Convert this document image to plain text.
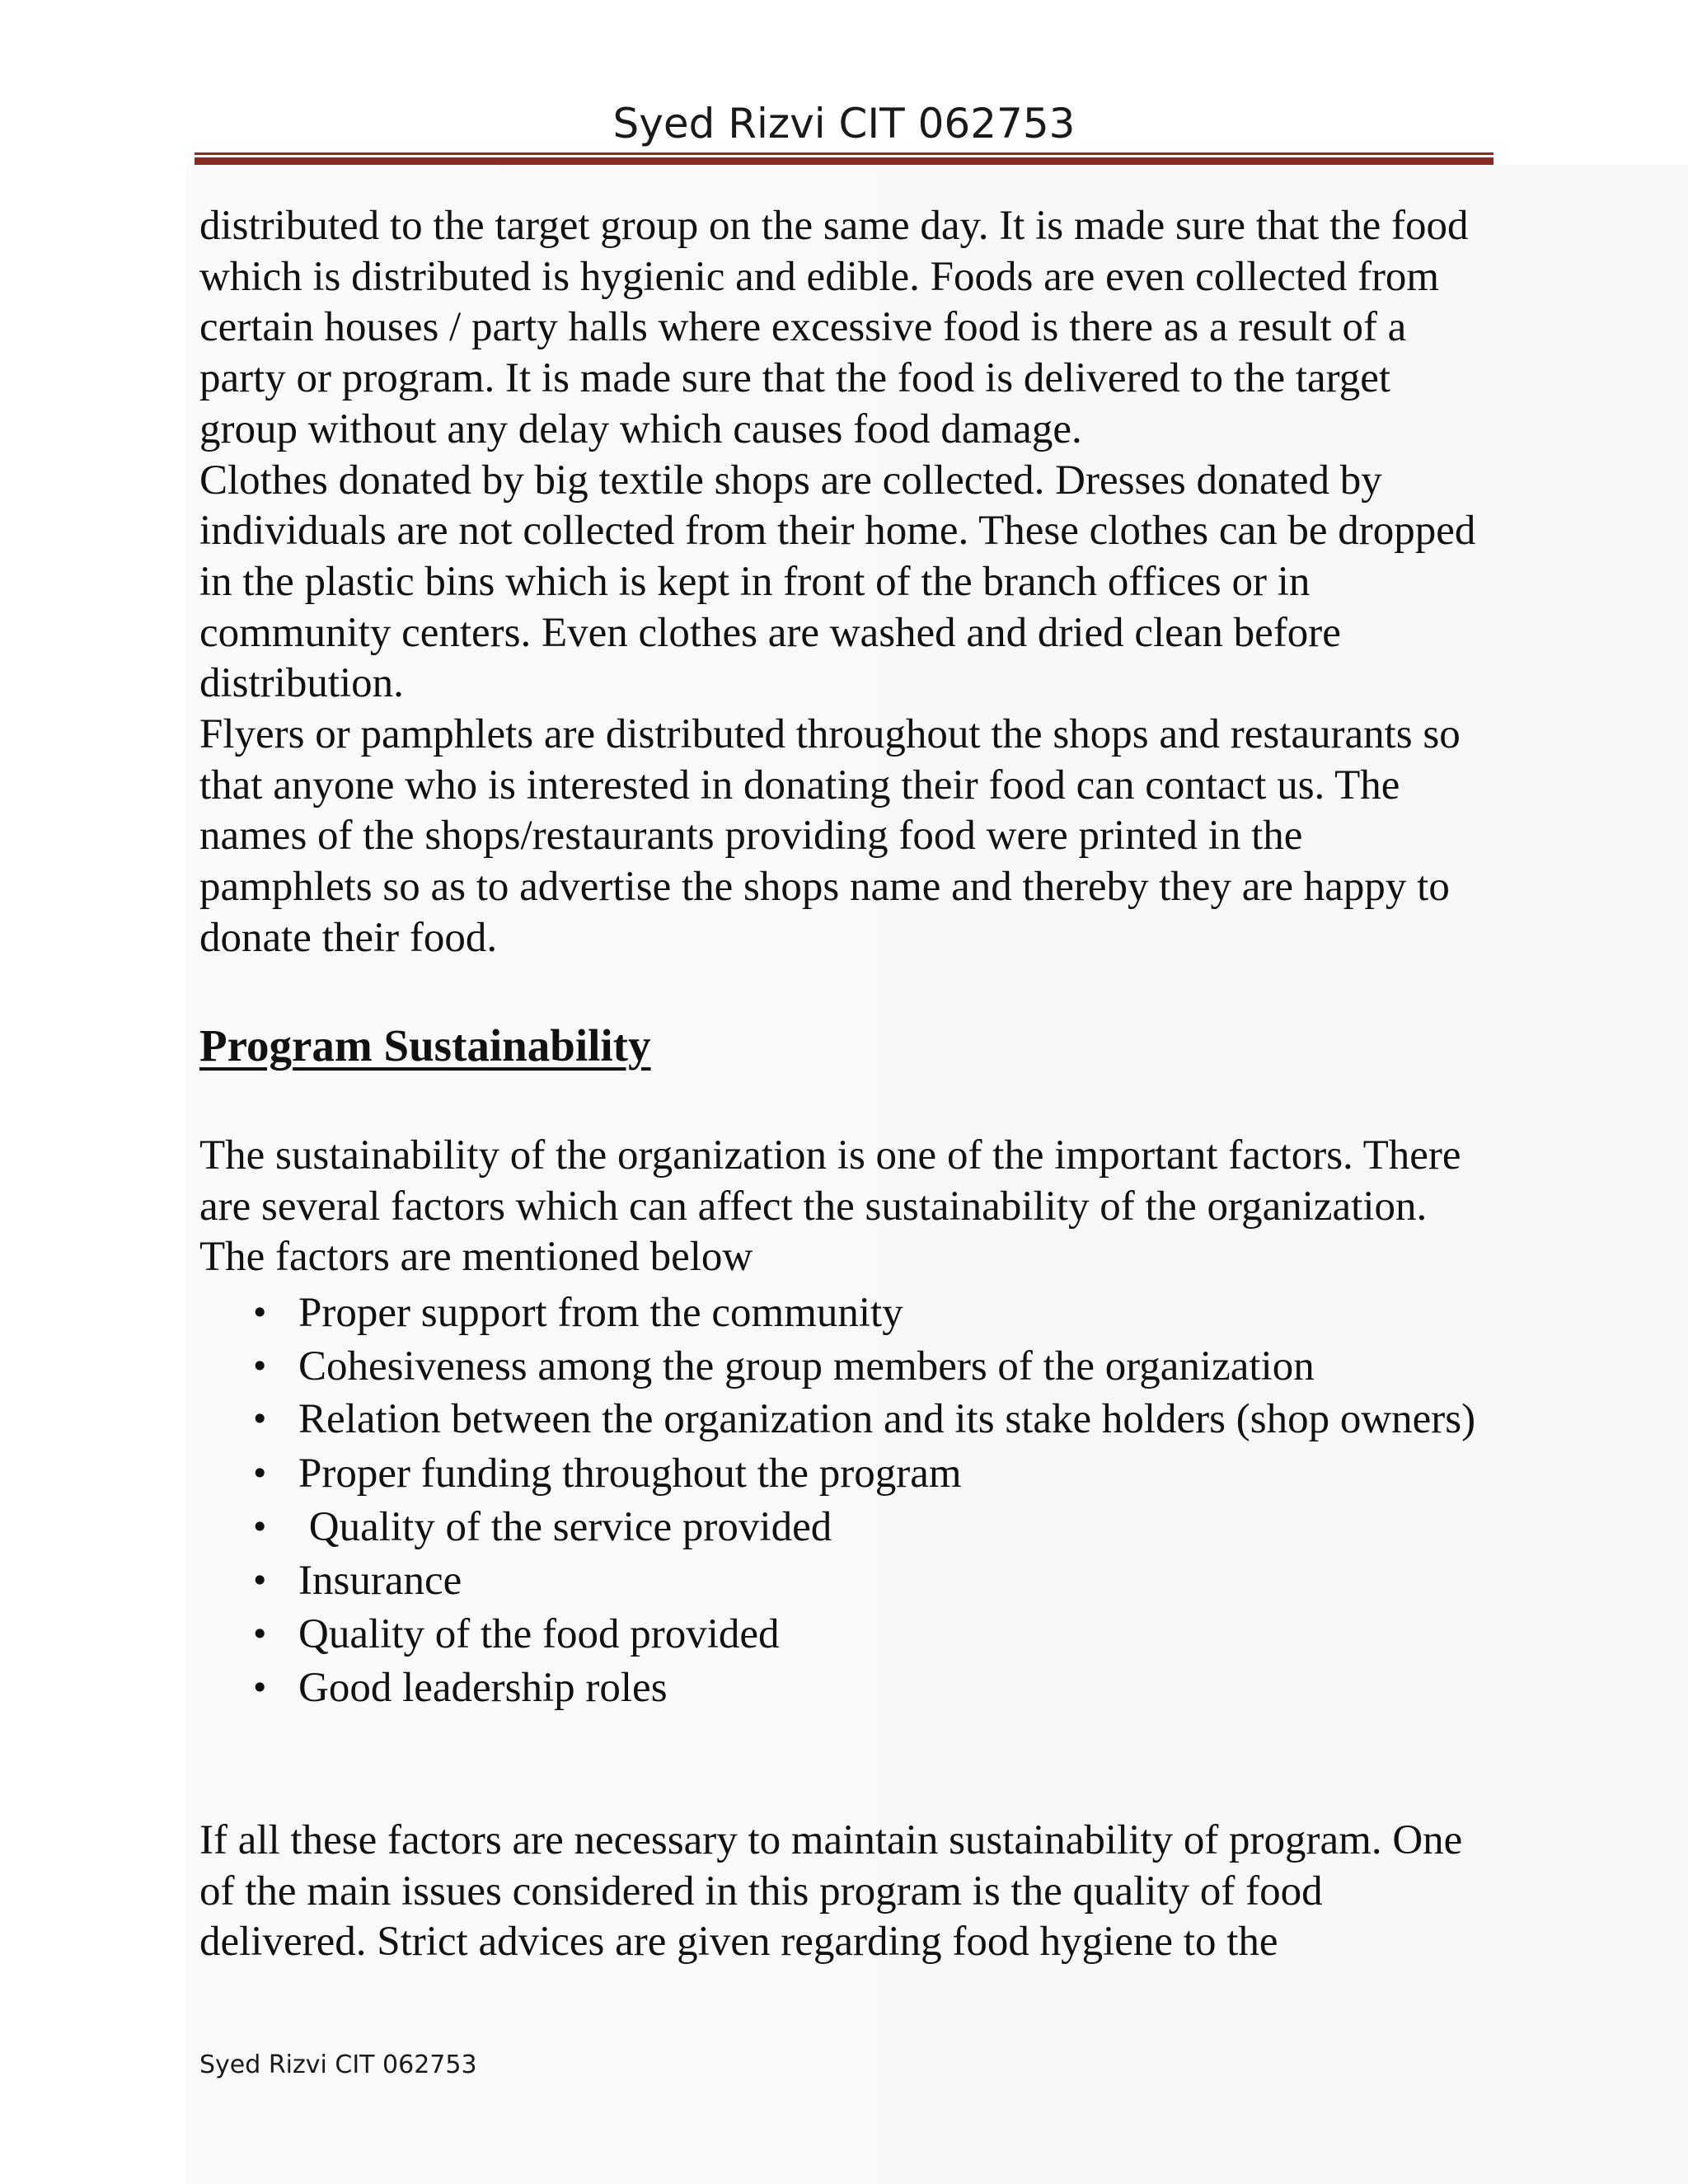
Syed Rizvi CIT 062753

distributed to the target group on the same day. It is made sure that the food which is distributed is hygienic and edible. Foods are even collected from certain houses / party halls where excessive food is there as a result of a party or program. It is made sure that the food is delivered to the target group without any delay which causes food damage.

Clothes donated by big textile shops are collected. Dresses donated by individuals are not collected from their home. These clothes can be dropped in the plastic bins which is kept in front of the branch offices or in community centers. Even clothes are washed and dried clean before distribution.

Flyers or pamphlets are distributed throughout the shops and restaurants so that anyone who is interested in donating their food can contact us. The names of the shops/restaurants providing food were printed in the pamphlets so as to advertise the shops name and thereby they are happy to donate their food.

Program Sustainability

The sustainability of the organization is one of the important factors. There are several factors which can affect the sustainability of the organization. The factors are mentioned below

• Proper support from the community
• Cohesiveness among the group members of the organization
• Relation between the organization and its stake holders (shop owners)
• Proper funding throughout the program
• Quality of the service provided
• Insurance
• Quality of the food provided
• Good leadership roles

If all these factors are necessary to maintain sustainability of program. One of the main issues considered in this program is the quality of food delivered. Strict advices are given regarding food hygiene to the

Syed Rizvi CIT 062753
